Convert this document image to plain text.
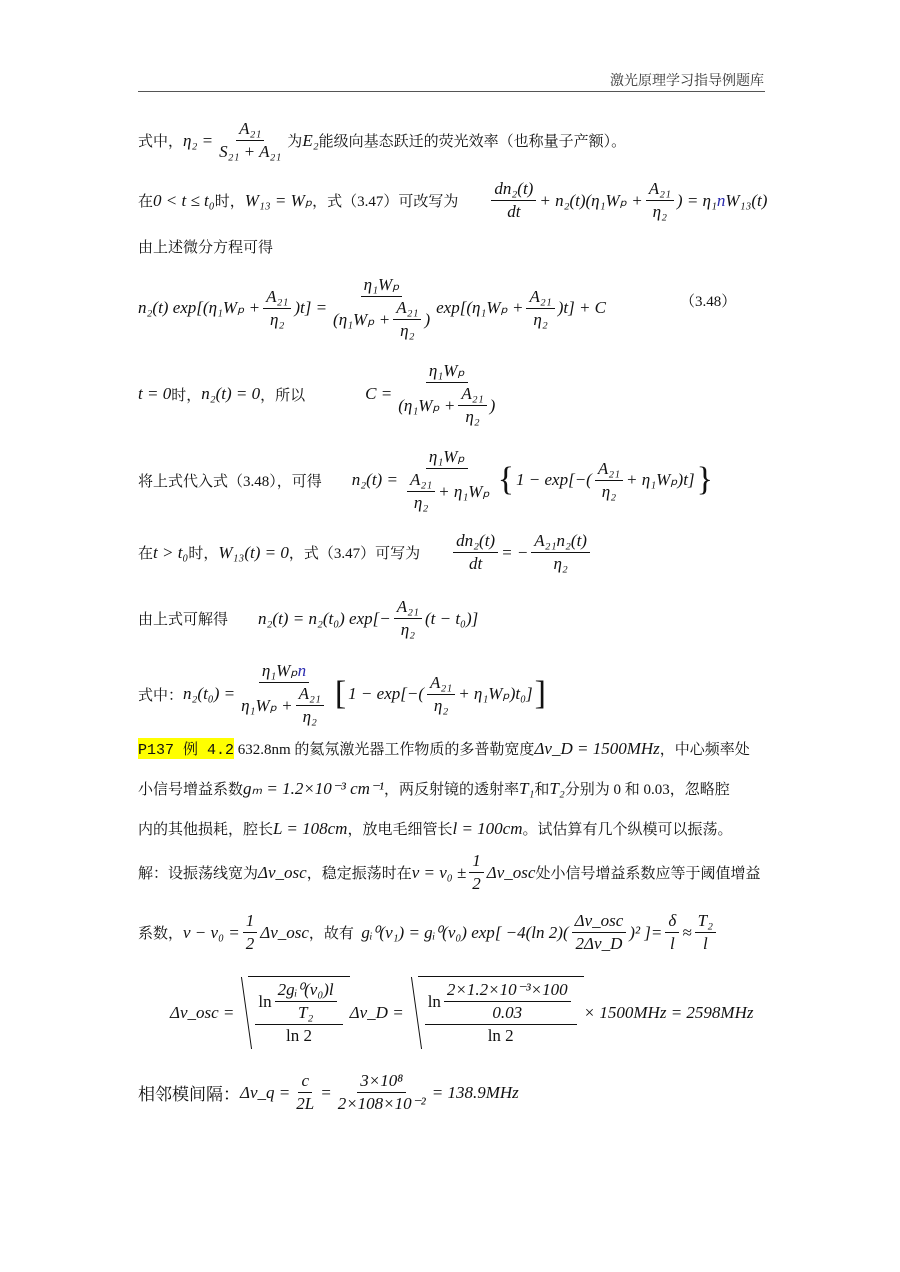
激光原理学习指导例题库
式中， $\eta_2 = \frac{\text{A₂₁}}{\text{S₂₁ + A₂₁}}$ 为 E₂ 能级向基态跃迁的荧光效率（也称量子产额）。
在 0 < t ≤ t₀ 时， W₁₃ = Wₚ ，式（3.47）可改写为 $\frac{\text{dn₂(t)}}{dt} + n_2(t)(\eta_1W_p + \frac{\text{A₂₁}}{\text{η₂}}$ ) = η₁ n W₁₃(t)
由上述微分方程可得
n₂(t) $\exp[(\eta_1W_p + \frac{\text{A₂₁}}{\text{η₂}} )t] = \frac{\text{η₁Wₚ}}{(\eta_1W_p + \frac{\text{A₂₁}}{\text{η₂}} )} \exp[(\eta_1W_p + \frac{\text{A₂₁}}{\text{η₂}} )t] + C$	（3.48）
t = 0 时， n₂(t) = 0 ，所以	$C = \frac{\text{η₁Wₚ}}{(\eta_1W_p + \frac{\text{A₂₁}}{\text{η₂}} )}$
将上式代入式（3.48），可得 $n_2(t) = \frac{\text{η₁Wₚ}}{\frac{\text{A₂₁}}{\text{η₂}} + \eta_1W_p}$ { $1 - \exp[-( \frac{\text{A₂₁}}{\text{η₂}} + \eta_1W_p)t]$ }
在 t > t₀ 时， W₁₃(t) = 0 ，式（3.47）可写为 $\frac{\text{dn₂(t)}}{dt}$ = − $\frac{\text{A₂₁n₂(t)}}{\text{η₂}}$
由上式可解得 n₂(t) = n₂(t₀) $\exp[- \frac{\text{A₂₁}}{\text{η₂}} (t - t_0)]$
式中： $n_2(t_0) = \frac{\text{η₁Wₚn}}{\eta_1W_p + \frac{\text{A₂₁}}{\text{η₂}}}$ [ $1 - \exp[-( \frac{\text{A₂₁}}{\text{η₂}} + \eta_1W_p)t_0]$ ]
P137 例 4.2
632.8nm 的氦氖激光器工作物质的多普勒宽度 Δν_D = 1500MHz ，中心频率处
小信号增益系数 gₘ = 1.2×10⁻³ cm⁻¹ ，两反射镜的透射率 T₁ 和 T₂ 分别为 0 和 0.03，忽略腔
内的其他损耗，腔长 L = 108cm ，放电毛细管长 l = 100cm 。试估算有几个纵模可以振荡。
解：设振荡线宽为 Δν_osc ，稳定振荡时在 $\nu = \nu_0 \pm \frac{1}{2}$ Δν_osc 处小信号增益系数应等于阈值增益
系数， $\nu - \nu_0 = \frac{1}{2}$ Δν_osc ，故有
gᵢ⁰(ν₁) = gᵢ⁰(ν₀) exp [ −4(ln $2)( \frac{\text{Δν\_osc}}{2\Delta\nu\_D} )^2$ ] = $\frac{\delta}{l} \approx \frac{\text{T₂}}{l}$
Δν_osc = $\frac{\ln \frac{\text{2gᵢ⁰(ν₀)l}}{\text{T₂}}}{\ln 2}$ Δν_D = $\frac{\ln \frac{\text{2×1.2×10⁻³×100}}{0.03}}{\ln 2} \times 1500MHz = 2598MHz$
相邻模间隔： Δν_q = $\frac{c}{2L} = \frac{\text{3×10⁸}}{\text{2×108×10⁻²}} = 138.9MHz$
